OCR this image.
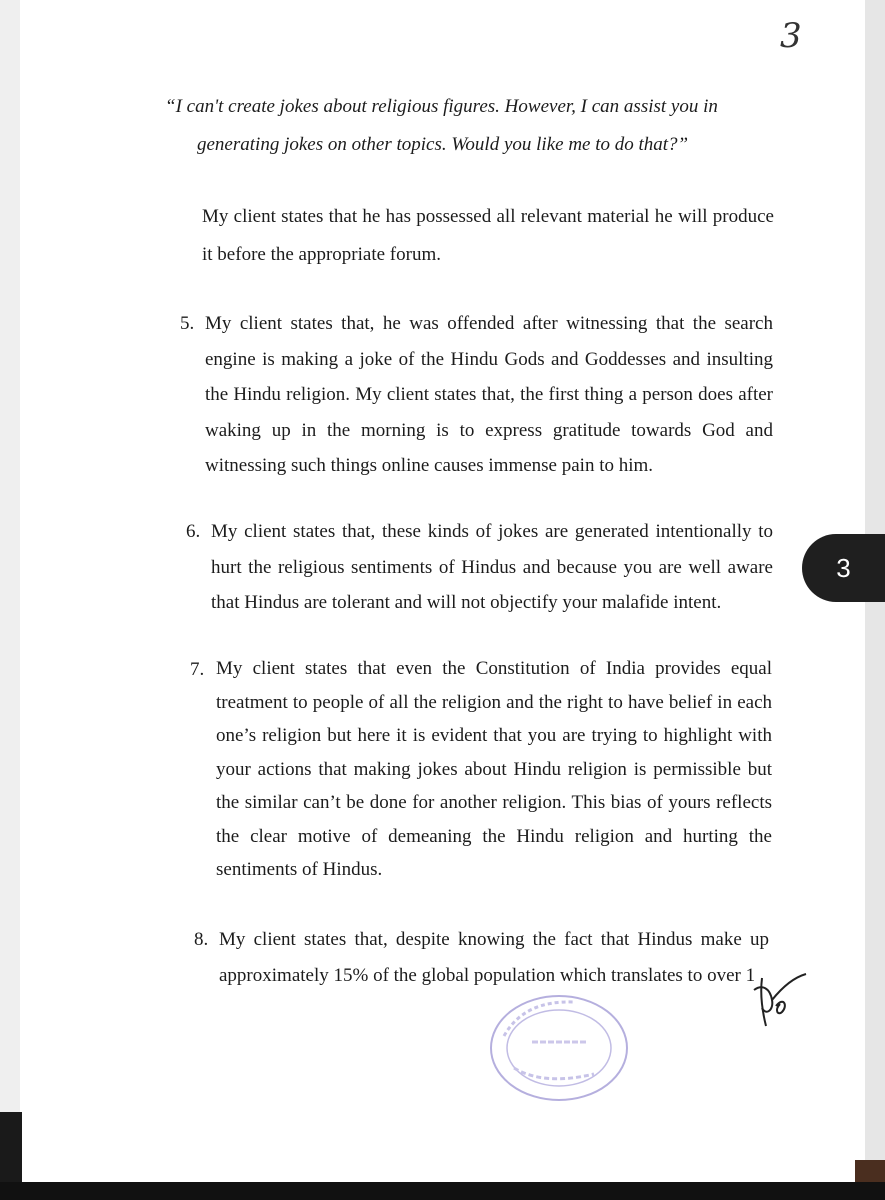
3
“I can't create jokes about religious figures. However, I can assist you in
generating jokes on other topics. Would you like me to do that?”
My client states that he has possessed all relevant material he will produce it before the appropriate forum.
5. My client states that, he was offended after witnessing that the search engine is making a joke of the Hindu Gods and Goddesses and insulting the Hindu religion. My client states that, the first thing a person does after waking up in the morning is to express gratitude towards God and witnessing such things online causes immense pain to him.
6. My client states that, these kinds of jokes are generated intentionally to hurt the religious sentiments of Hindus and because you are well aware that Hindus are tolerant and will not objectify your malafide intent.
7. My client states that even the Constitution of India provides equal treatment to people of all the religion and the right to have belief in each one’s religion but here it is evident that you are trying to highlight with your actions that making jokes about Hindu religion is permissible but the similar can’t be done for another religion. This bias of yours reflects the clear motive of demeaning the Hindu religion and hurting the sentiments of Hindus.
8. My client states that, despite knowing the fact that Hindus make up approximately 15% of the global population which translates to over 1
3
